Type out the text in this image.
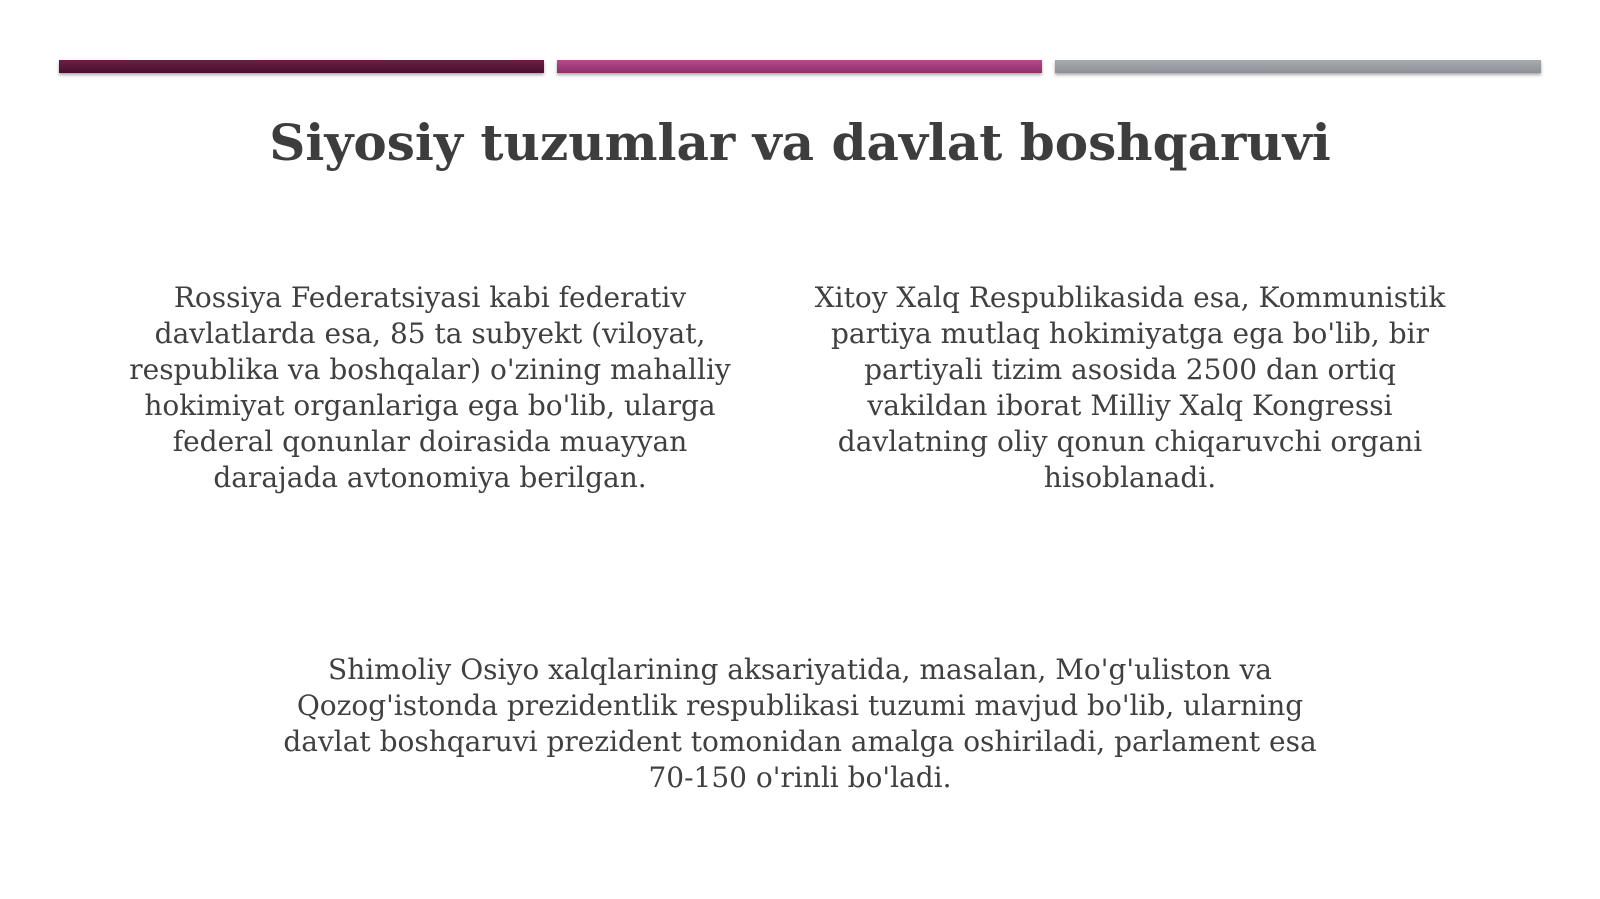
Siyosiy tuzumlar va davlat boshqaruvi

Rossiya Federatsiyasi kabi federativ davlatlarda esa, 85 ta subyekt (viloyat, respublika va boshqalar) o'zining mahalliy hokimiyat organlariga ega bo'lib, ularga federal qonunlar doirasida muayyan darajada avtonomiya berilgan.

Xitoy Xalq Respublikasida esa, Kommunistik partiya mutlaq hokimiyatga ega bo'lib, bir partiyali tizim asosida 2500 dan ortiq vakildan iborat Milliy Xalq Kongressi davlatning oliy qonun chiqaruvchi organi hisoblanadi.

Shimoliy Osiyo xalqlarining aksariyatida, masalan, Mo'g'uliston va Qozog'istonda prezidentlik respublikasi tuzumi mavjud bo'lib, ularning davlat boshqaruvi prezident tomonidan amalga oshiriladi, parlament esa 70-150 o'rinli bo'ladi.
